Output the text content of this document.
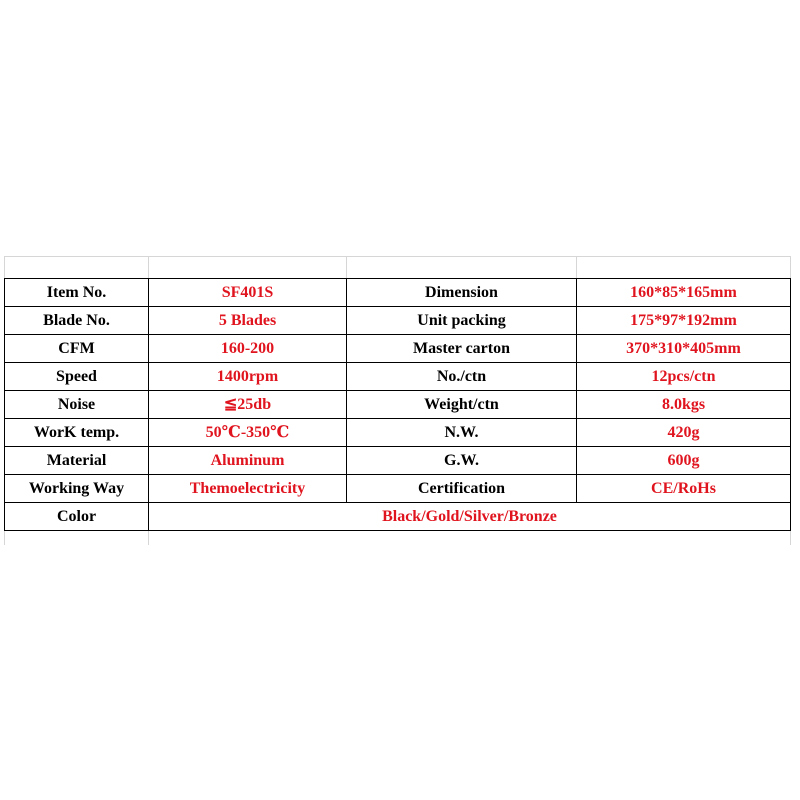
Item No.	SF401S	Dimension	160*85*165mm
Blade No.	5 Blades	Unit packing	175*97*192mm
CFM	160-200	Master carton	370*310*405mm
Speed	1400rpm	No./ctn	12pcs/ctn
Noise	≦25db	Weight/ctn	8.0kgs
WorK temp.	50℃-350℃	N.W.	420g
Material	Aluminum	G.W.	600g
Working Way	Themoelectricity	Certification	CE/RoHs
Color	Black/Gold/Silver/Bronze		
